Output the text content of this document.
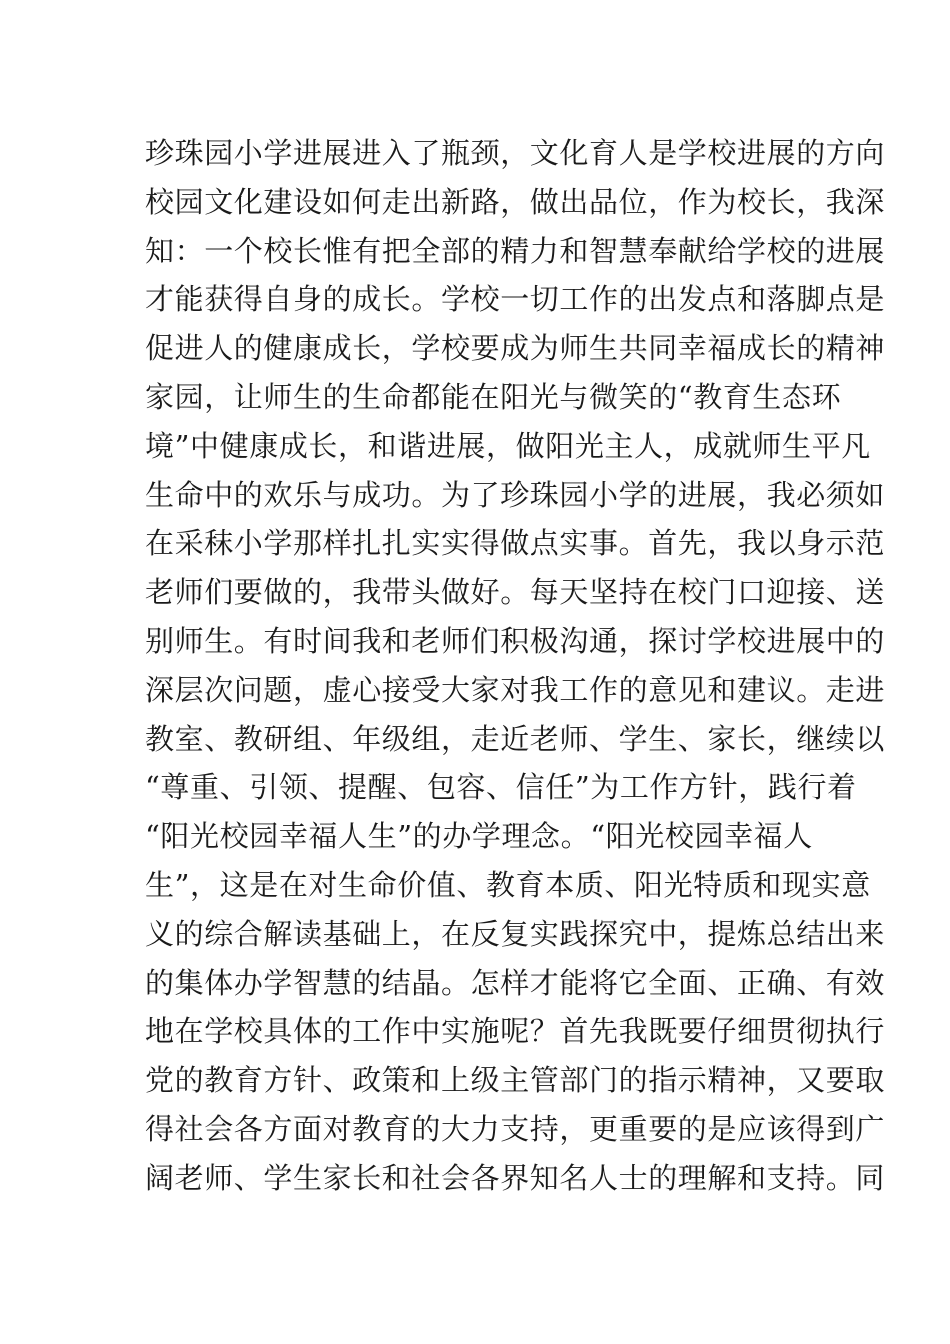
珍珠园小学进展进入了瓶颈，文化育人是学校进展的方向
校园文化建设如何走出新路，做出品位，作为校长，我深
知：一个校长惟有把全部的精力和智慧奉献给学校的进展
才能获得自身的成长。学校一切工作的出发点和落脚点是
促进人的健康成长，学校要成为师生共同幸福成长的精神
家园，让师生的生命都能在阳光与微笑的“教育生态环
境”中健康成长，和谐进展，做阳光主人，成就师生平凡
生命中的欢乐与成功。为了珍珠园小学的进展，我必须如
在采秣小学那样扎扎实实得做点实事。首先，我以身示范
老师们要做的，我带头做好。每天坚持在校门口迎接、送
别师生。有时间我和老师们积极沟通，探讨学校进展中的
深层次问题，虚心接受大家对我工作的意见和建议。走进
教室、教研组、年级组，走近老师、学生、家长，继续以
“尊重、引领、提醒、包容、信任”为工作方针，践行着
“阳光校园幸福人生”的办学理念。“阳光校园幸福人
生”，这是在对生命价值、教育本质、阳光特质和现实意
义的综合解读基础上，在反复实践探究中，提炼总结出来
的集体办学智慧的结晶。怎样才能将它全面、正确、有效
地在学校具体的工作中实施呢？首先我既要仔细贯彻执行
党的教育方针、政策和上级主管部门的指示精神，又要取
得社会各方面对教育的大力支持，更重要的是应该得到广
阔老师、学生家长和社会各界知名人士的理解和支持。同
